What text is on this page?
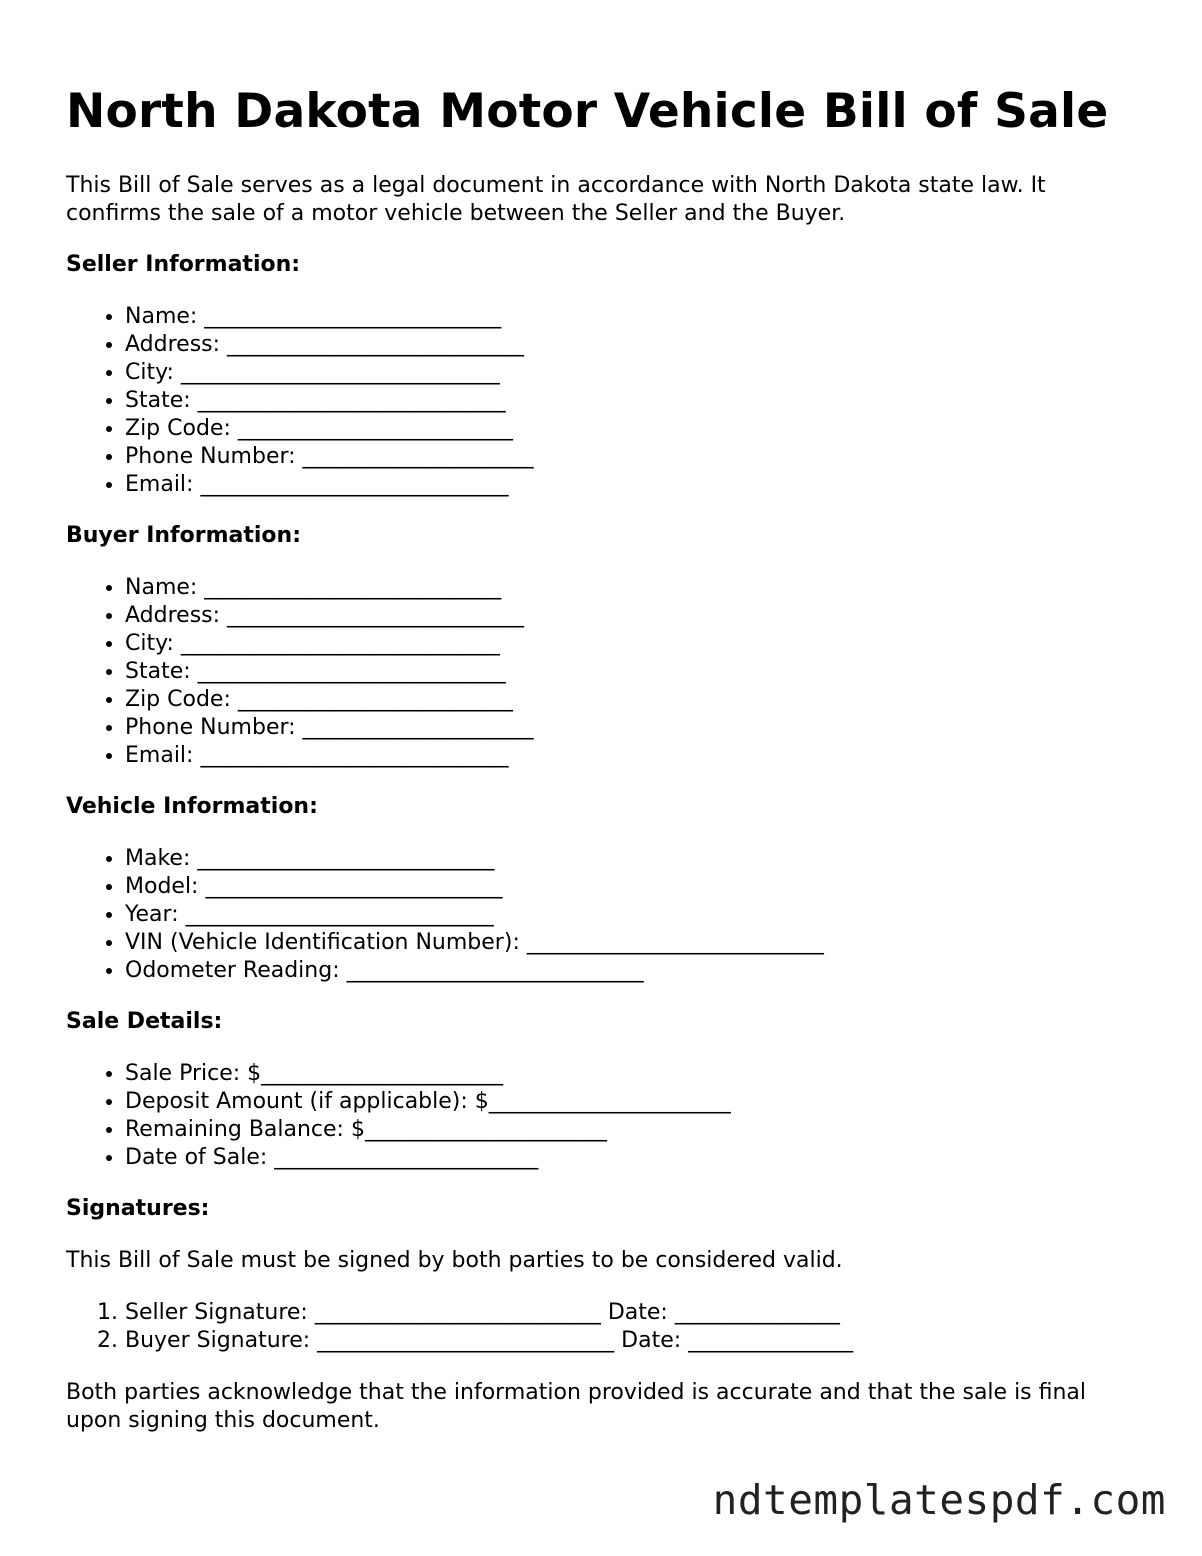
North Dakota Motor Vehicle Bill of Sale

This Bill of Sale serves as a legal document in accordance with North Dakota state law. It confirms the sale of a motor vehicle between the Seller and the Buyer.

Seller Information:
• Name: ___________________________
• Address: ___________________________
• City: _____________________________
• State: ____________________________
• Zip Code: _________________________
• Phone Number: _____________________
• Email: ____________________________
Buyer Information:
• Name: ___________________________
• Address: ___________________________
• City: _____________________________
• State: ____________________________
• Zip Code: _________________________
• Phone Number: _____________________
• Email: ____________________________
Vehicle Information:
• Make: ___________________________
• Model: ___________________________
• Year: ____________________________
• VIN (Vehicle Identification Number): ___________________________
• Odometer Reading: ___________________________
Sale Details:
• Sale Price: $______________________
• Deposit Amount (if applicable): $______________________
• Remaining Balance: $______________________
• Date of Sale: ________________________
Signatures:

This Bill of Sale must be signed by both parties to be considered valid.

1. Seller Signature: __________________________ Date: _______________
2. Buyer Signature: ___________________________ Date: _______________

Both parties acknowledge that the information provided is accurate and that the sale is final upon signing this document.

ndtemplatespdf.com
